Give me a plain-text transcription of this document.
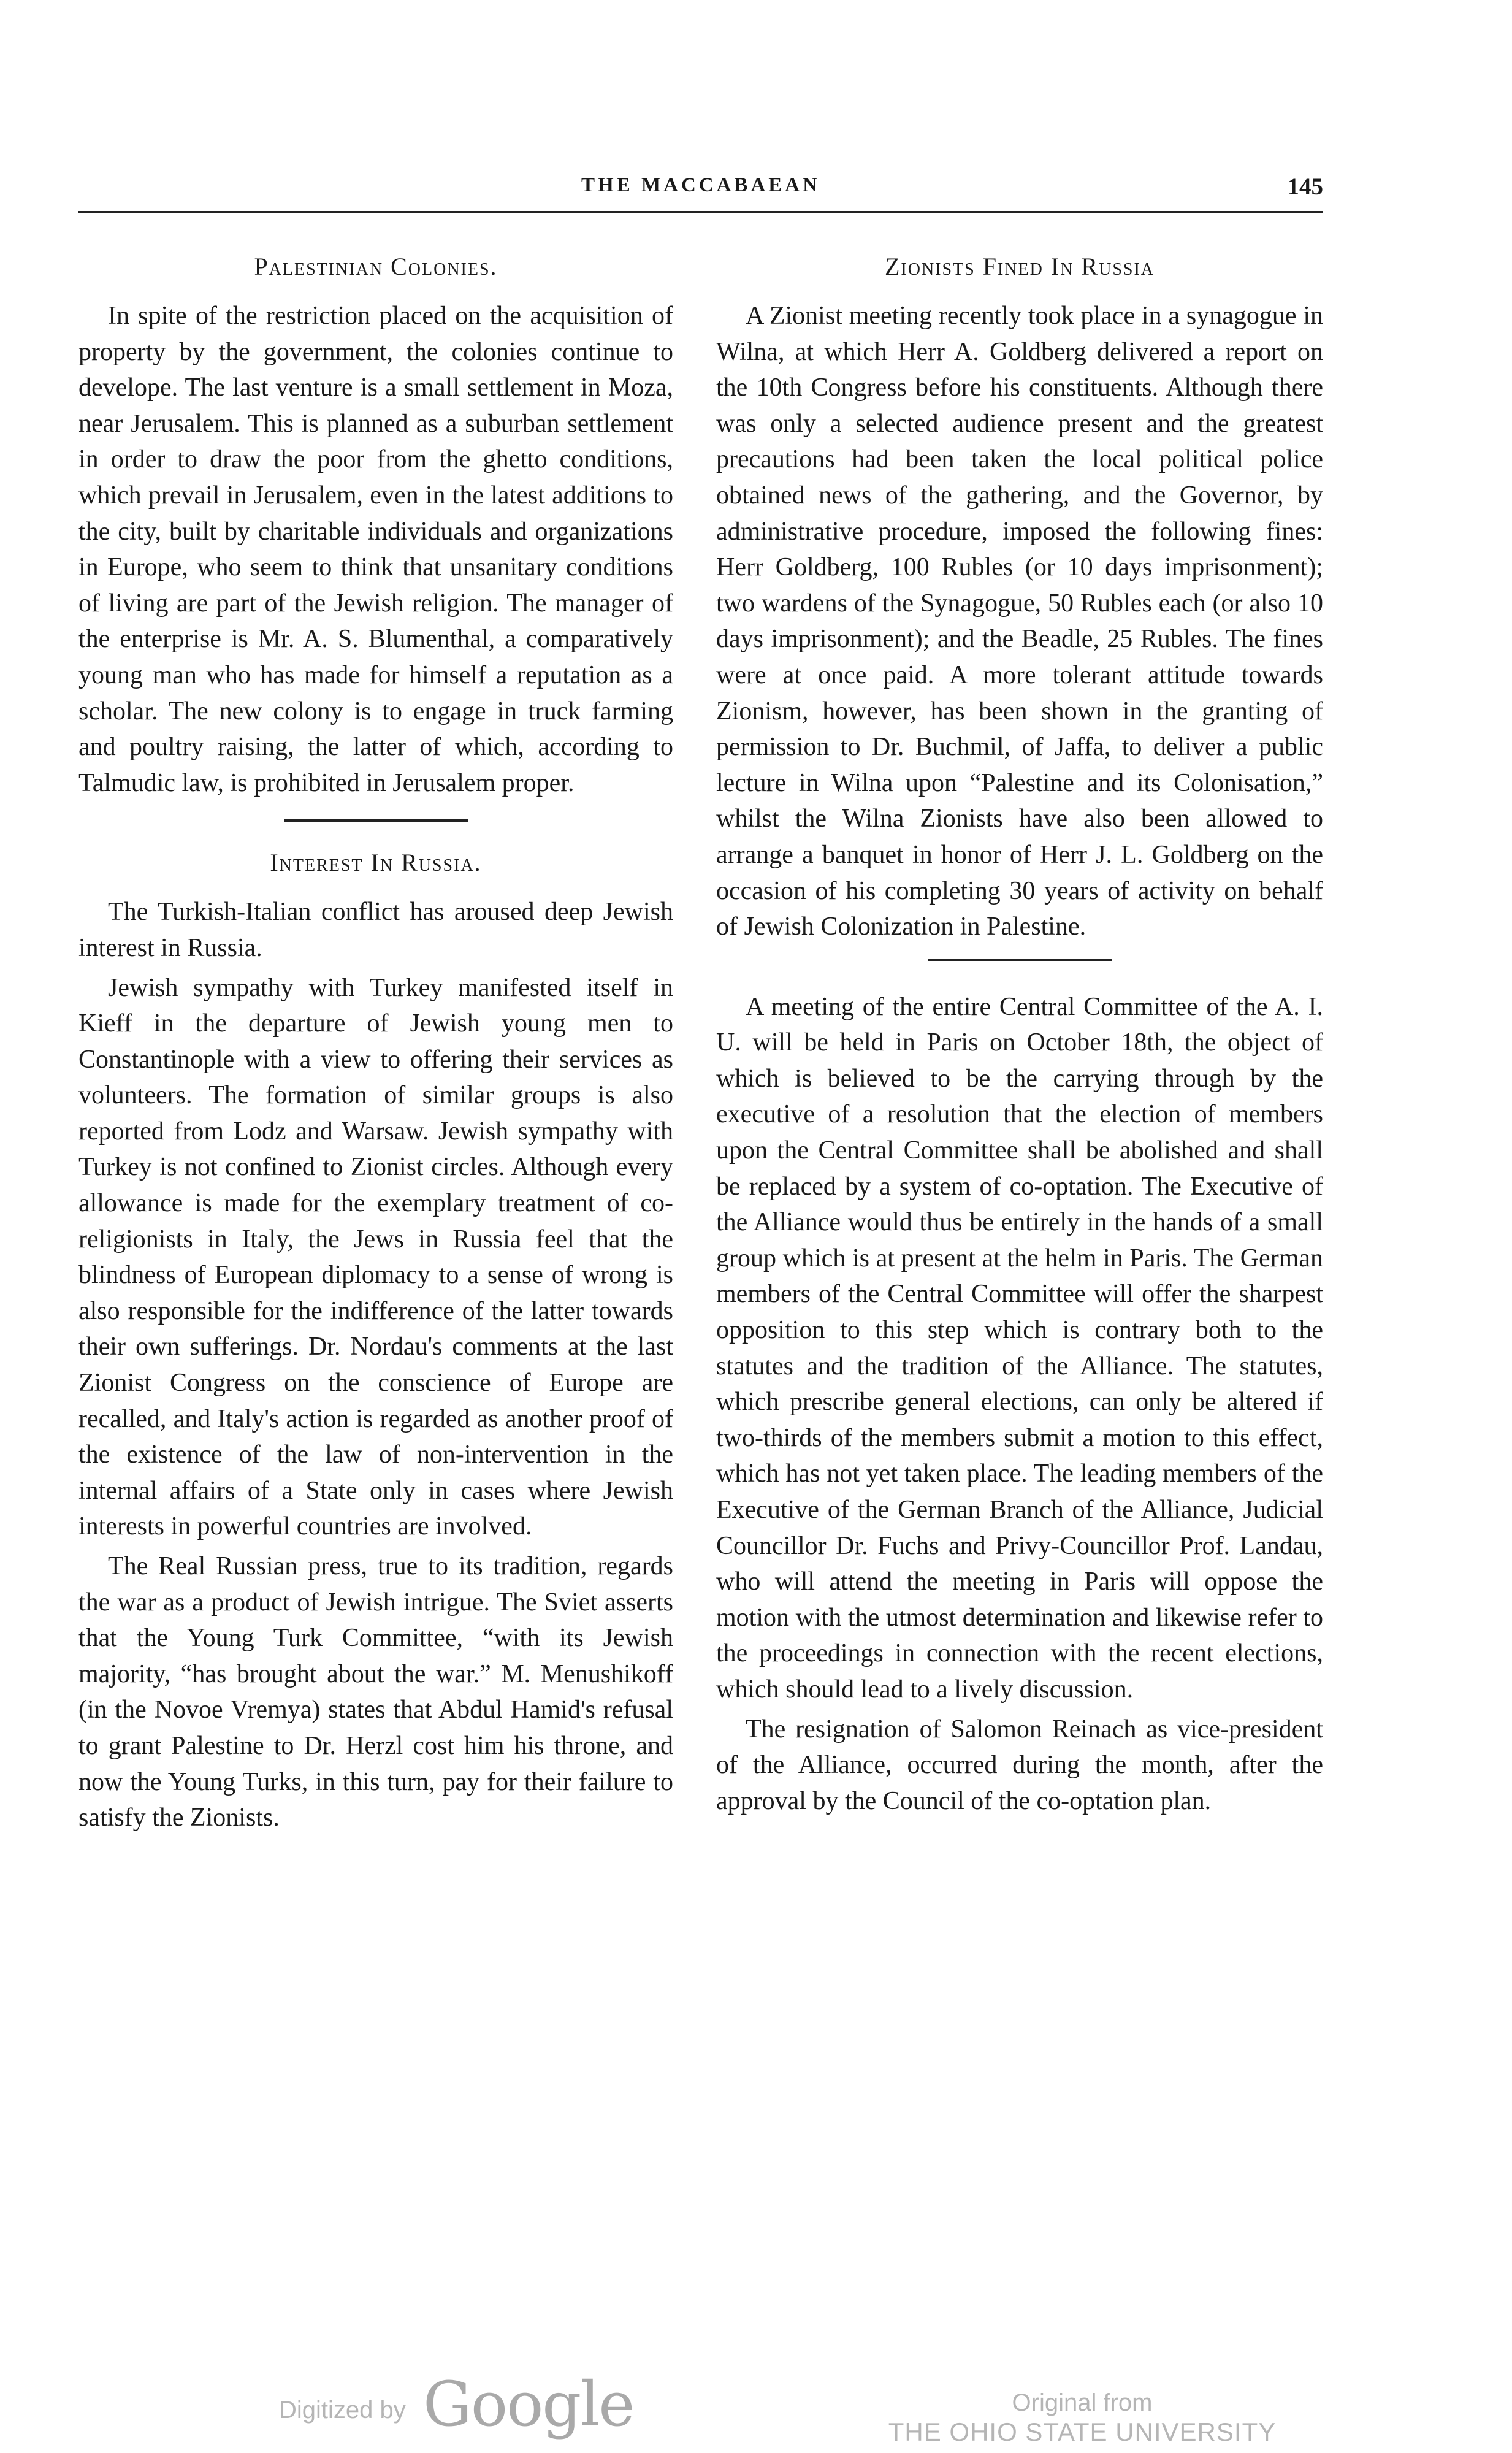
THE MACCABAEAN	145
Palestinian Colonies.

In spite of the restriction placed on the acquisition of property by the government, the colonies continue to develope. The last venture is a small settlement in Moza, near Jerusalem. This is planned as a suburban settlement in order to draw the poor from the ghetto conditions, which prevail in Jerusalem, even in the latest additions to the city, built by charitable individuals and organizations in Europe, who seem to think that unsanitary conditions of living are part of the Jewish religion. The manager of the enterprise is Mr. A. S. Blumenthal, a comparatively young man who has made for himself a reputation as a scholar. The new colony is to engage in truck farming and poultry raising, the latter of which, according to Talmudic law, is prohibited in Jerusalem proper.

Interest In Russia.

The Turkish-Italian conflict has aroused deep Jewish interest in Russia.

Jewish sympathy with Turkey manifested itself in Kieff in the departure of Jewish young men to Constantinople with a view to offering their services as volunteers. The formation of similar groups is also reported from Lodz and Warsaw. Jewish sympathy with Turkey is not confined to Zionist circles. Although every allowance is made for the exemplary treatment of co-religionists in Italy, the Jews in Russia feel that the blindness of European diplomacy to a sense of wrong is also responsible for the indifference of the latter towards their own sufferings. Dr. Nordau's comments at the last Zionist Congress on the conscience of Europe are recalled, and Italy's action is regarded as another proof of the existence of the law of non-intervention in the internal affairs of a State only in cases where Jewish interests in powerful countries are involved.

The Real Russian press, true to its tradition, regards the war as a product of Jewish intrigue. The Sviet asserts that the Young Turk Committee, “with its Jewish majority, “has brought about the war.” M. Menushikoff (in the Novoe Vremya) states that Abdul Hamid's refusal to grant Palestine to Dr. Herzl cost him his throne, and now the Young Turks, in this turn, pay for their failure to satisfy the Zionists.

Zionists Fined In Russia

A Zionist meeting recently took place in a synagogue in Wilna, at which Herr A. Goldberg delivered a report on the 10th Congress before his constituents. Although there was only a selected audience present and the greatest precautions had been taken the local political police obtained news of the gathering, and the Governor, by administrative procedure, imposed the following fines: Herr Goldberg, 100 Rubles (or 10 days imprisonment); two wardens of the Synagogue, 50 Rubles each (or also 10 days imprisonment); and the Beadle, 25 Rubles. The fines were at once paid. A more tolerant attitude towards Zionism, however, has been shown in the granting of permission to Dr. Buchmil, of Jaffa, to deliver a public lecture in Wilna upon “Palestine and its Colonisation,” whilst the Wilna Zionists have also been allowed to arrange a banquet in honor of Herr J. L. Goldberg on the occasion of his completing 30 years of activity on behalf of Jewish Colonization in Palestine.

A meeting of the entire Central Committee of the A. I. U. will be held in Paris on October 18th, the object of which is believed to be the carrying through by the executive of a resolution that the election of members upon the Central Committee shall be abolished and shall be replaced by a system of co-optation. The Executive of the Alliance would thus be entirely in the hands of a small group which is at present at the helm in Paris. The German members of the Central Committee will offer the sharpest opposition to this step which is contrary both to the statutes and the tradition of the Alliance. The statutes, which prescribe general elections, can only be altered if two-thirds of the members submit a motion to this effect, which has not yet taken place. The leading members of the Executive of the German Branch of the Alliance, Judicial Councillor Dr. Fuchs and Privy-Councillor Prof. Landau, who will attend the meeting in Paris will oppose the motion with the utmost determination and likewise refer to the proceedings in connection with the recent elections, which should lead to a lively discussion.

The resignation of Salomon Reinach as vice-president of the Alliance, occurred during the month, after the approval by the Council of the co-optation plan.

Digitized by Google	Original from
THE OHIO STATE UNIVERSITY
